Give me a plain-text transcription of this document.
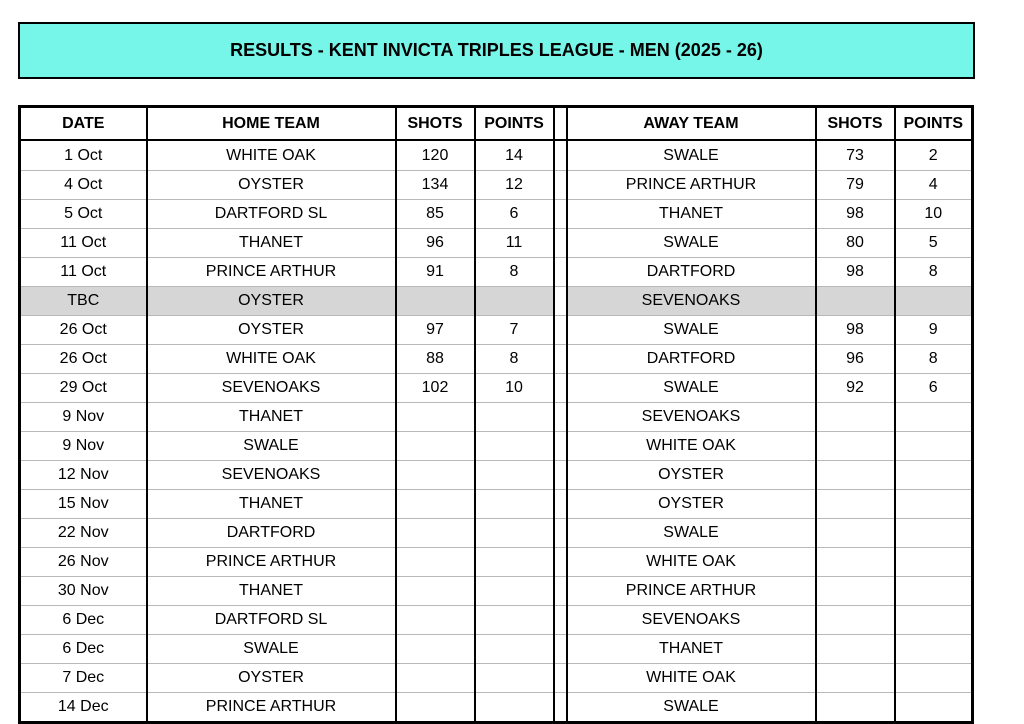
RESULTS - KENT INVICTA TRIPLES LEAGUE - MEN (2025 - 26)
DATE	HOME TEAM	SHOTS	POINTS		AWAY TEAM	SHOTS	POINTS
1 Oct	WHITE OAK	120	14		SWALE	73	2
4 Oct	OYSTER	134	12		PRINCE ARTHUR	79	4
5 Oct	DARTFORD SL	85	6		THANET	98	10
11 Oct	THANET	96	11		SWALE	80	5
11 Oct	PRINCE ARTHUR	91	8		DARTFORD	98	8
TBC	OYSTER				SEVENOAKS		
26 Oct	OYSTER	97	7		SWALE	98	9
26 Oct	WHITE OAK	88	8		DARTFORD	96	8
29 Oct	SEVENOAKS	102	10		SWALE	92	6
9 Nov	THANET				SEVENOAKS		
9 Nov	SWALE				WHITE OAK		
12 Nov	SEVENOAKS				OYSTER		
15 Nov	THANET				OYSTER		
22 Nov	DARTFORD				SWALE		
26 Nov	PRINCE ARTHUR				WHITE OAK		
30 Nov	THANET				PRINCE ARTHUR		
6 Dec	DARTFORD SL				SEVENOAKS		
6 Dec	SWALE				THANET		
7 Dec	OYSTER				WHITE OAK		
14 Dec	PRINCE ARTHUR				SWALE		
